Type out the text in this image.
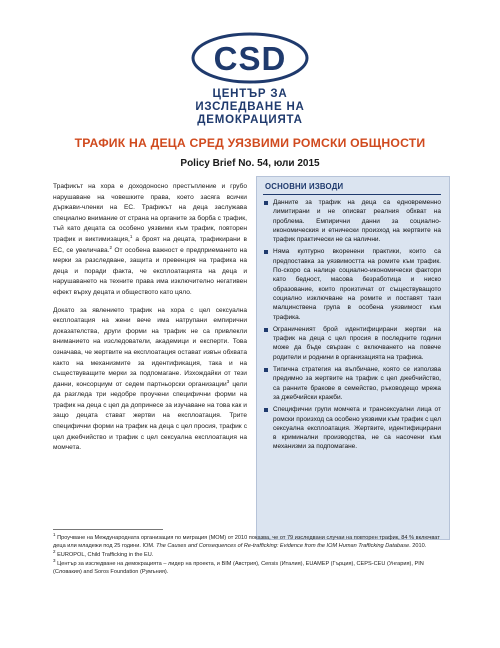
CSD
ЦЕНТЪР ЗА
ИЗСЛЕДВАНЕ НА
ДЕМОКРАЦИЯТА
ТРАФИК НА ДЕЦА СРЕД УЯЗВИМИ РОМСКИ ОБЩНОСТИ
Policy Brief No. 54, юли 2015

Трафикът на хора е доходоносно престъпление и грубо нарушаване на човешките права, което засяга всички държави-членки на ЕС. Трафикът на деца заслужава специално внимание от страна на органите за борба с трафик, тъй като децата са особено уязвими към трафик, повторен трафик и виктимизация,$^1$ а броят на децата, трафикирани в ЕС, се увеличава.$^2$ От особена важност е предприемането на мерки за разследване, защита и превенция на трафика на деца и поради факта, че експлоатацията на деца и нарушаването на техните права има изключително негативен ефект върху децата и обществото като цяло.

Докато за явлението трафик на хора с цел сексуална експлоатация на жени вече има натрупани емпирични доказателства, други форми на трафик не са привлекли вниманието на изследователи, академици и експерти. Това означава, че жертвите на експлоатация остават извън обхвата както на механизмите за идентификация, така и на съществуващите мерки за подпомагане. Изхождайки от тези данни, консорциум от седем партньорски организации$^3$ цели да разгледа три недобре проучени специфични форми на трафик на деца с цел да допринесе за изучаване на това как и защо децата стават жертви на експлоатация. Трите специфични форми на трафик на деца с цел просия, трафик с цел джебчийство и трафик с цел сексуална експлоатация на момчета.

ОСНОВНИ ИЗВОДИ
Данните за трафик на деца са едновременно лимитирани и не описват реалния обхват на проблема. Емпирични данни за социално-икономическия и етнически произход на жертвите на трафик практически не са налични.
Няма културно вкоренени практики, които са предпоставка за уязвимостта на ромите към трафик. По-скоро са налице социално-икономически фактори като бедност, масова безработица и ниско образование, които произтичат от съществуващото социално изключване на ромите и поставят тази малцинствена група в особена уязвимост към трафика.
Ограниченият брой идентифицирани жертви на трафик на деца с цел просия в последните години може да бъде свързан с включването на повече родители и роднини в организацията на трафика.
Типична стратегия на вълбичане, която се използва предимно за жертвите на трафик с цел джебчийство, са ранните бракове в семейство, ръководещо мрежа за джебчийски кражби.
Специфични групи момчета и трансексуални лица от ромски произход са особено уязвими към трафик с цел сексуална експлоатация. Жертвите, идентифицирани в криминални производства, не са насочени към механизми за подпомагане.

$^1$ Проучване на Международната организация по миграция (МОМ) от 2010 показва, че от 79 изследвани случаи на повторен трафик, 84 % включват деца или младежи под 25 години. IOM. The Causes and Consequences of Re-trafficking: Evidence from the IOM Human Trafficking Database. 2010.

$^2$ EUROPOL, Child Trafficking in the EU.

$^3$ Център за изследване на демокрацията – лидер на проекта, и BIM (Австрия), Censis (Италия), EUAMEP (Гърция), CEPS-CEU (Унгария), PIN (Словакия) and Soros Foundation (Румъния).
